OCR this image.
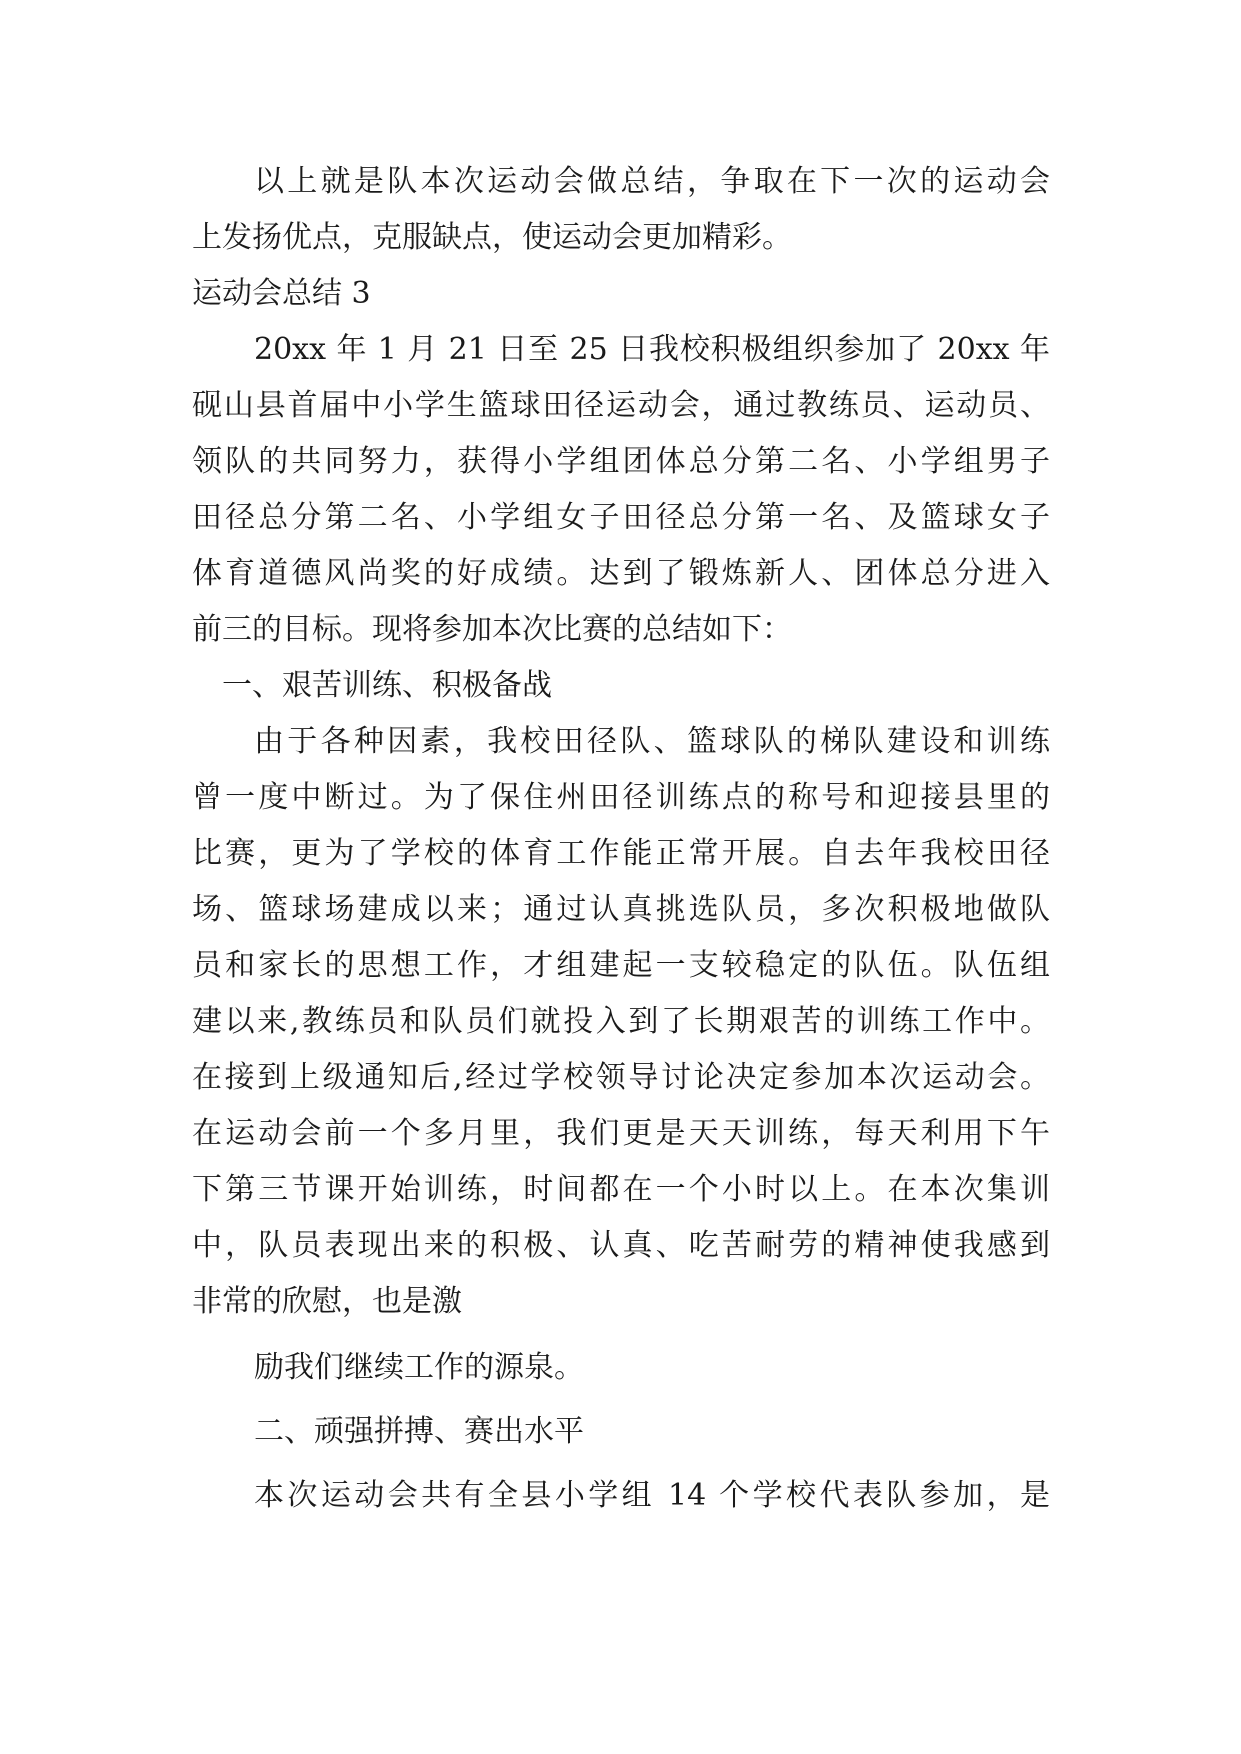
以上就是队本次运动会做总结，争取在下一次的运动会
上发扬优点，克服缺点，使运动会更加精彩。
运动会总结 3
20xx 年 1 月 21 日至 25 日我校积极组织参加了 20xx 年
砚山县首届中小学生篮球田径运动会，通过教练员、运动员、
领队的共同努力，获得小学组团体总分第二名、小学组男子
田径总分第二名、小学组女子田径总分第一名、及篮球女子
体育道德风尚奖的好成绩。达到了锻炼新人、团体总分进入
前三的目标。现将参加本次比赛的总结如下：
一、艰苦训练、积极备战
由于各种因素，我校田径队、篮球队的梯队建设和训练
曾一度中断过。为了保住州田径训练点的称号和迎接县里的
比赛，更为了学校的体育工作能正常开展。自去年我校田径
场、篮球场建成以来；通过认真挑选队员，多次积极地做队
员和家长的思想工作，才组建起一支较稳定的队伍。队伍组
建以来,教练员和队员们就投入到了长期艰苦的训练工作中。
在接到上级通知后,经过学校领导讨论决定参加本次运动会。
在运动会前一个多月里，我们更是天天训练，每天利用下午
下第三节课开始训练，时间都在一个小时以上。在本次集训
中，队员表现出来的积极、认真、吃苦耐劳的精神使我感到
非常的欣慰，也是激
励我们继续工作的源泉。
二、顽强拼搏、赛出水平
本次运动会共有全县小学组 14 个学校代表队参加，是
